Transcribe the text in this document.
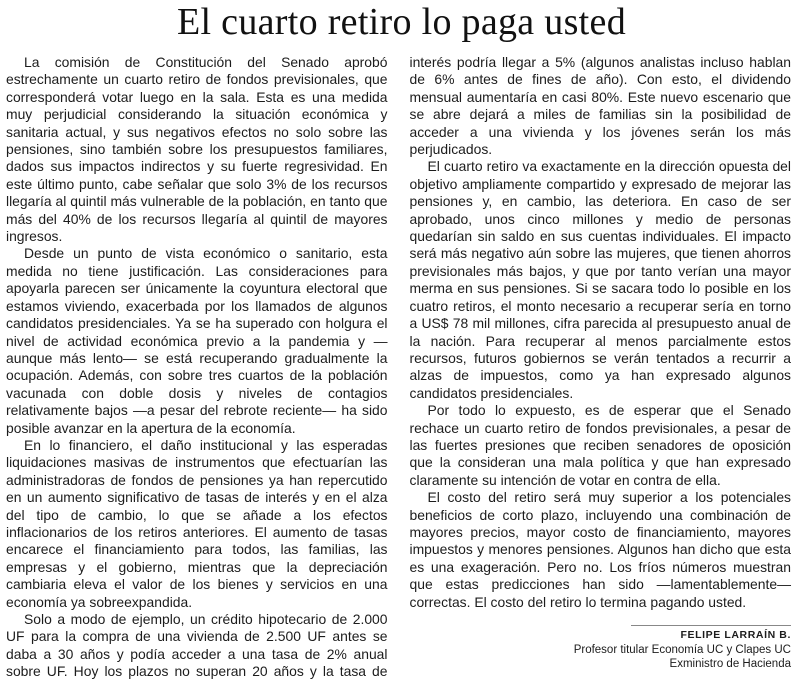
El cuarto retiro lo paga usted

La comisión de Constitución del Senado aprobó estrechamente un cuarto retiro de fondos previsionales, que corresponderá votar luego en la sala. Esta es una medida muy perjudicial considerando la situación económica y sanitaria actual, y sus negativos efectos no solo sobre las pensiones, sino también sobre los presupuestos familiares, dados sus impactos indirectos y su fuerte regresividad. En este último punto, cabe señalar que solo 3% de los recursos llegaría al quintil más vulnerable de la población, en tanto que más del 40% de los recursos llegaría al quintil de mayores ingresos.

Desde un punto de vista económico o sanitario, esta medida no tiene justificación. Las consideraciones para apoyarla parecen ser únicamente la coyuntura electoral que estamos viviendo, exacerbada por los llamados de algunos candidatos presidenciales. Ya se ha superado con holgura el nivel de actividad económica previo a la pandemia y —aunque más lento— se está recuperando gradualmente la ocupación. Además, con sobre tres cuartos de la población vacunada con doble dosis y niveles de contagios relativamente bajos —a pesar del rebrote reciente— ha sido posible avanzar en la apertura de la economía.

En lo financiero, el daño institucional y las esperadas liquidaciones masivas de instrumentos que efectuarían las administradoras de fondos de pensiones ya han repercutido en un aumento significativo de tasas de interés y en el alza del tipo de cambio, lo que se añade a los efectos inflacionarios de los retiros anteriores. El aumento de tasas encarece el financiamiento para todos, las familias, las empresas y el gobierno, mientras que la depreciación cambiaria eleva el valor de los bienes y servicios en una economía ya sobreexpandida.

Solo a modo de ejemplo, un crédito hipotecario de 2.000 UF para la compra de una vivienda de 2.500 UF antes se daba a 30 años y podía acceder a una tasa de 2% anual sobre UF. Hoy los plazos no superan 20 años y la tasa de interés podría llegar a 5% (algunos analistas incluso hablan de 6% antes de fines de año). Con esto, el dividendo mensual aumentaría en casi 80%. Este nuevo escenario que se abre dejará a miles de familias sin la posibilidad de acceder a una vivienda y los jóvenes serán los más perjudicados.

El cuarto retiro va exactamente en la dirección opuesta del objetivo ampliamente compartido y expresado de mejorar las pensiones y, en cambio, las deteriora. En caso de ser aprobado, unos cinco millones y medio de personas quedarían sin saldo en sus cuentas individuales. El impacto será más negativo aún sobre las mujeres, que tienen ahorros previsionales más bajos, y que por tanto verían una mayor merma en sus pensiones. Si se sacara todo lo posible en los cuatro retiros, el monto necesario a recuperar sería en torno a US$ 78 mil millones, cifra parecida al presupuesto anual de la nación. Para recuperar al menos parcialmente estos recursos, futuros gobiernos se verán tentados a recurrir a alzas de impuestos, como ya han expresado algunos candidatos presidenciales.

Por todo lo expuesto, es de esperar que el Senado rechace un cuarto retiro de fondos previsionales, a pesar de las fuertes presiones que reciben senadores de oposición que la consideran una mala política y que han expresado claramente su intención de votar en contra de ella.

El costo del retiro será muy superior a los potenciales beneficios de corto plazo, incluyendo una combinación de mayores precios, mayor costo de financiamiento, mayores impuestos y menores pensiones. Algunos han dicho que esta es una exageración. Pero no. Los fríos números muestran que estas predicciones han sido —lamentablemente— correctas. El costo del retiro lo termina pagando usted.

FELIPE LARRAÍN B.
Profesor titular Economía UC y Clapes UC
Exministro de Hacienda
